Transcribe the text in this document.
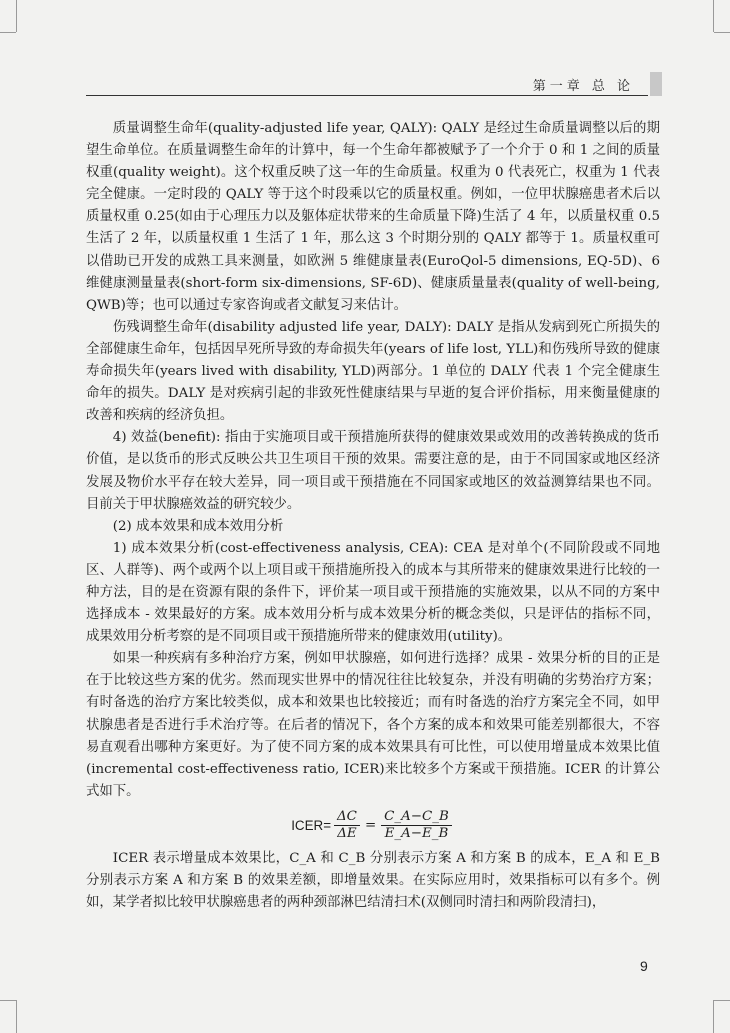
第一章 总 论

质量调整生命年(quality-adjusted life year, QALY): QALY 是经过生命质量调整以后的期望生命单位。在质量调整生命年的计算中，每一个生命年都被赋予了一个介于 0 和 1 之间的质量权重(quality weight)。这个权重反映了这一年的生命质量。权重为 0 代表死亡，权重为 1 代表完全健康。一定时段的 QALY 等于这个时段乘以它的质量权重。例如，一位甲状腺癌患者术后以质量权重 0.25(如由于心理压力以及躯体症状带来的生命质量下降)生活了 4 年，以质量权重 0.5 生活了 2 年，以质量权重 1 生活了 1 年，那么这 3 个时期分别的 QALY 都等于 1。质量权重可以借助已开发的成熟工具来测量，如欧洲 5 维健康量表(EuroQol-5 dimensions, EQ-5D)、6 维健康测量量表(short-form six-dimensions, SF-6D)、健康质量量表(quality of well-being, QWB)等；也可以通过专家咨询或者文献复习来估计。

伤残调整生命年(disability adjusted life year, DALY): DALY 是指从发病到死亡所损失的全部健康生命年，包括因早死所导致的寿命损失年(years of life lost, YLL)和伤残所导致的健康寿命损失年(years lived with disability, YLD)两部分。1 单位的 DALY 代表 1 个完全健康生命年的损失。DALY 是对疾病引起的非致死性健康结果与早逝的复合评价指标，用来衡量健康的改善和疾病的经济负担。

4) 效益(benefit): 指由于实施项目或干预措施所获得的健康效果或效用的改善转换成的货币价值，是以货币的形式反映公共卫生项目干预的效果。需要注意的是，由于不同国家或地区经济发展及物价水平存在较大差异，同一项目或干预措施在不同国家或地区的效益测算结果也不同。目前关于甲状腺癌效益的研究较少。

(2) 成本效果和成本效用分析

1) 成本效果分析(cost-effectiveness analysis, CEA): CEA 是对单个(不同阶段或不同地区、人群等)、两个或两个以上项目或干预措施所投入的成本与其所带来的健康效果进行比较的一种方法，目的是在资源有限的条件下，评价某一项目或干预措施的实施效果，以从不同的方案中选择成本 - 效果最好的方案。成本效用分析与成本效果分析的概念类似，只是评估的指标不同，成果效用分析考察的是不同项目或干预措施所带来的健康效用(utility)。

如果一种疾病有多种治疗方案，例如甲状腺癌，如何进行选择？成果 - 效果分析的目的正是在于比较这些方案的优劣。然而现实世界中的情况往往比较复杂，并没有明确的劣势治疗方案；有时备选的治疗方案比较类似，成本和效果也比较接近；而有时备选的治疗方案完全不同，如甲状腺患者是否进行手术治疗等。在后者的情况下，各个方案的成本和效果可能差别都很大，不容易直观看出哪种方案更好。为了使不同方案的成本效果具有可比性，可以使用增量成本效果比值(incremental cost-effectiveness ratio, ICER)来比较多个方案或干预措施。ICER 的计算公式如下。

ICER= $\frac{\Delta C}{\Delta E} = \frac{C\_A-C\_B}{E\_A-E\_B}$

ICER 表示增量成本效果比，C_A 和 C_B 分别表示方案 A 和方案 B 的成本，E_A 和 E_B 分别表示方案 A 和方案 B 的效果差额，即增量效果。在实际应用时，效果指标可以有多个。例如，某学者拟比较甲状腺癌患者的两种颈部淋巴结清扫术(双侧同时清扫和两阶段清扫)，

9
